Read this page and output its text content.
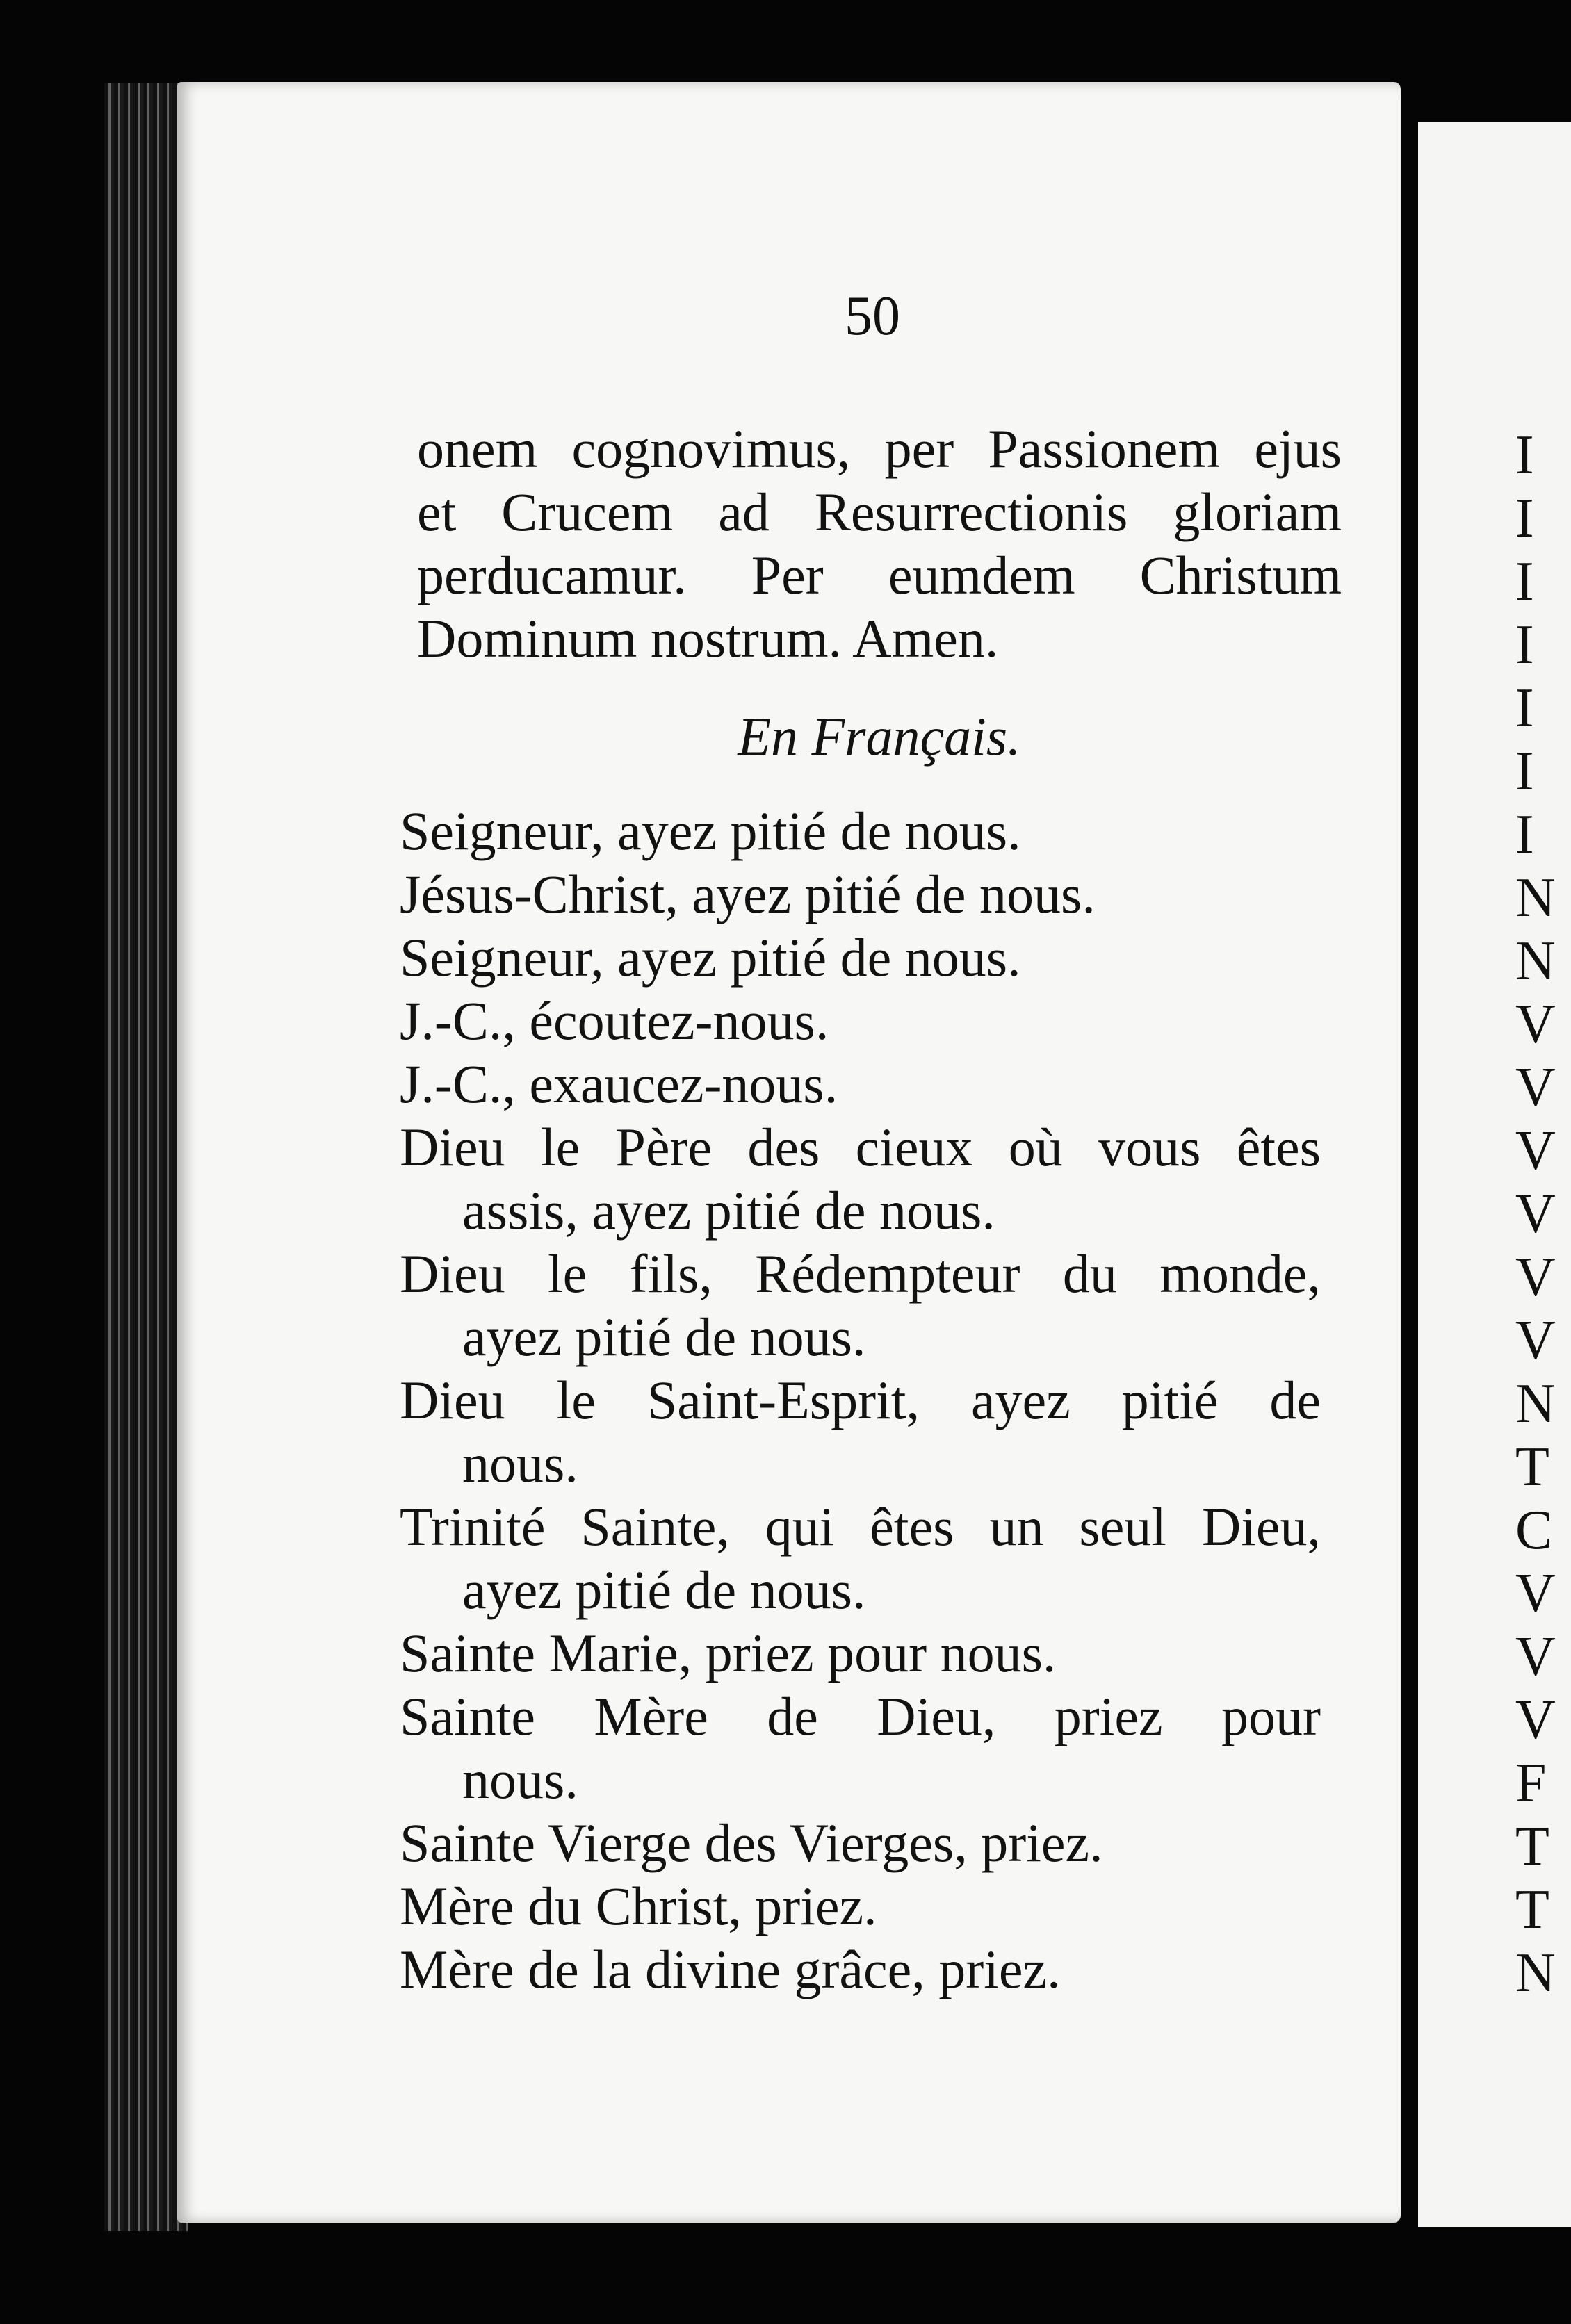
I
I
I
I
I
I
I
N
N
V
V
V
V
V
V
N
T
C
V
V
V
F
T
T
N
50
onem cognovimus, per Passionem ejus
et Crucem ad Resurrectionis gloriam
perducamur. Per eumdem Christum
Dominum nostrum. Amen.
En Français.
Seigneur, ayez pitié de nous.
Jésus-Christ, ayez pitié de nous.
Seigneur, ayez pitié de nous.
J.-C., écoutez-nous.
J.-C., exaucez-nous.
Dieu le Père des cieux où vous êtes
assis, ayez pitié de nous.
Dieu le fils, Rédempteur du monde,
ayez pitié de nous.
Dieu le Saint-Esprit, ayez pitié de
nous.
Trinité Sainte, qui êtes un seul Dieu,
ayez pitié de nous.
Sainte Marie, priez pour nous.
Sainte Mère de Dieu, priez pour
nous.
Sainte Vierge des Vierges, priez.
Mère du Christ, priez.
Mère de la divine grâce, priez.
